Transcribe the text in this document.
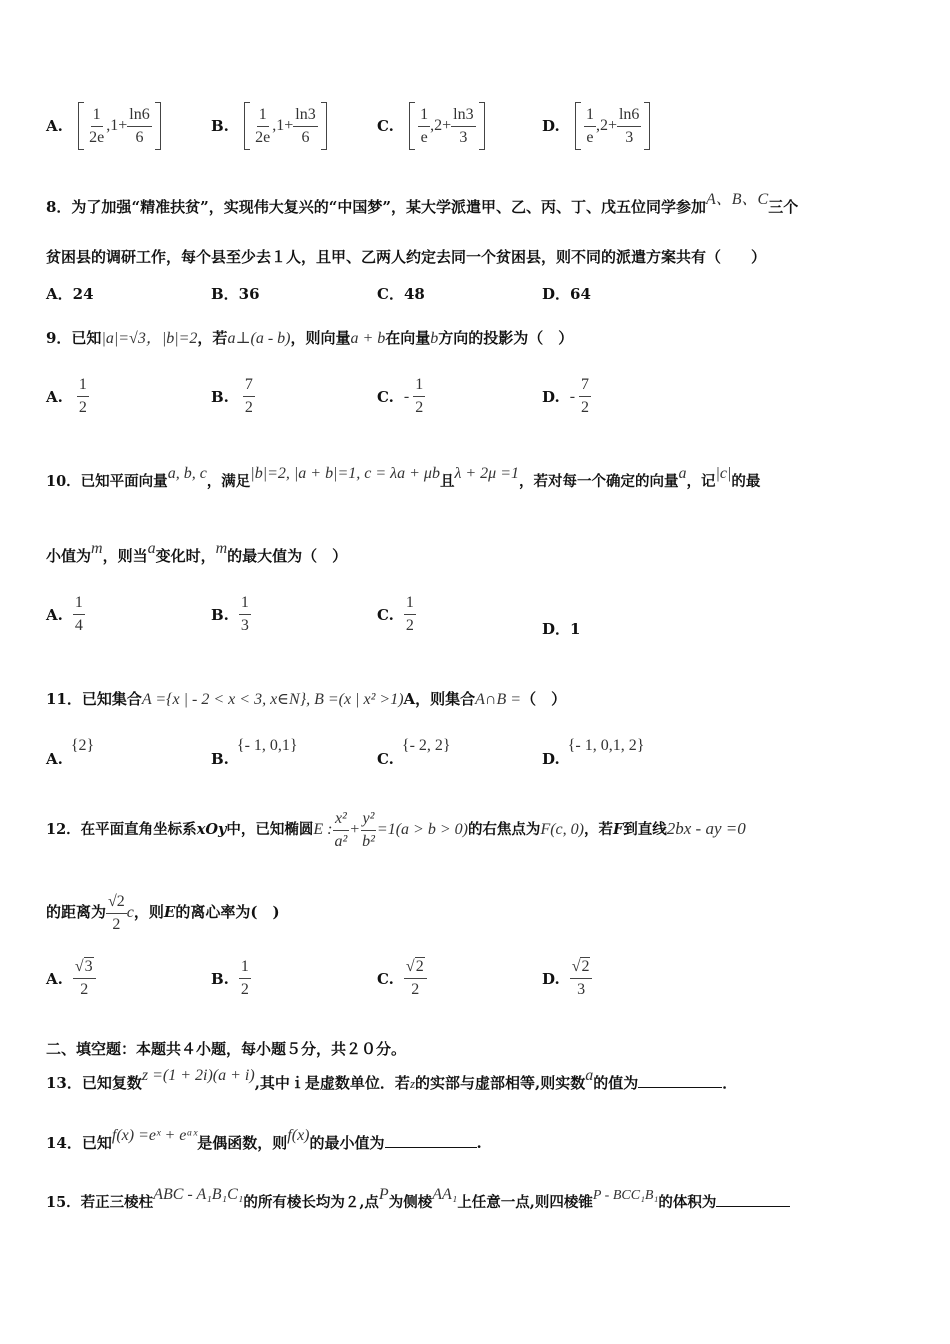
A. $\frac{1}{2e} ,1+ \frac{\ln 6}{6}$	B. $\frac{1}{2e} ,1+ \frac{\ln 3}{6}$	C. $\frac{1}{e} ,2+ \frac{\ln 3}{3}$	D. $\frac{1}{e} ,2+ \frac{\ln 6}{3}$
8．为了加强“精准扶贫”，实现伟大复兴的“中国梦”，某大学派遣甲、乙、丙、丁、戊五位同学参加A、B、C三个
贫困县的调研工作，每个县至少去１人，且甲、乙两人约定去同一个贫困县，则不同的派遣方案共有（　　）
A．24	B．36	C．48	D．64
9．已知|a|=√3，|b|=2，若a⊥(a - b)，则向量a + b在向量b方向的投影为（　）
A. $\frac{1}{2}$	B. $\frac{7}{2}$	C. - $\frac{1}{2}$	D. - $\frac{7}{2}$
10．已知平面向量a, b, c，满足|b|=2, |a + b|=1, c = λa + μb且λ + 2μ =1，若对每一个确定的向量a，记|c|的最
小值为m，则当a变化时，m的最大值为（　）
A. $\frac{1}{4}$	B. $\frac{1}{3}$	C. $\frac{1}{2}$	D．1
11．已知集合A ={x | - 2 < x < 3, x∈N}, B =(x | x² >1)A，则集合A∩B =（　）
A.{2}
B.{- 1, 0,1}
C.{- 2, 2}
D.{- 1, 0,1, 2}
12．在平面直角坐标系xOy中，已知椭圆E : $\frac{\text{x²}}{\text{a²}} + \frac{\text{y²}}{\text{b²}} =1(a > b > 0)$的右焦点为F(c, 0)，若F到直线2bx - ay =0
的距离为 $\frac{√2}{2}$ c，则E的离心率为(　)
A. $\frac{√3}{2}$	B. $\frac{1}{2}$	C. $\frac{√2}{2}$	D. $\frac{√2}{3}$
二、填空题：本题共４小题，每小题５分，共２０分。
13．已知复数z =(1 + 2i)(a + i),其中ｉ是虚数单位．若z的实部与虚部相等,则实数a的值为	．
14．已知f(x) =eˣ + eᵃˣ是偶函数，则f(x)的最小值为	.
15．若正三棱柱ABC - A₁B₁C₁的所有棱长均为２,点P为侧棱AA₁上任意一点,则四棱锥P - BCC₁B₁的体积为
